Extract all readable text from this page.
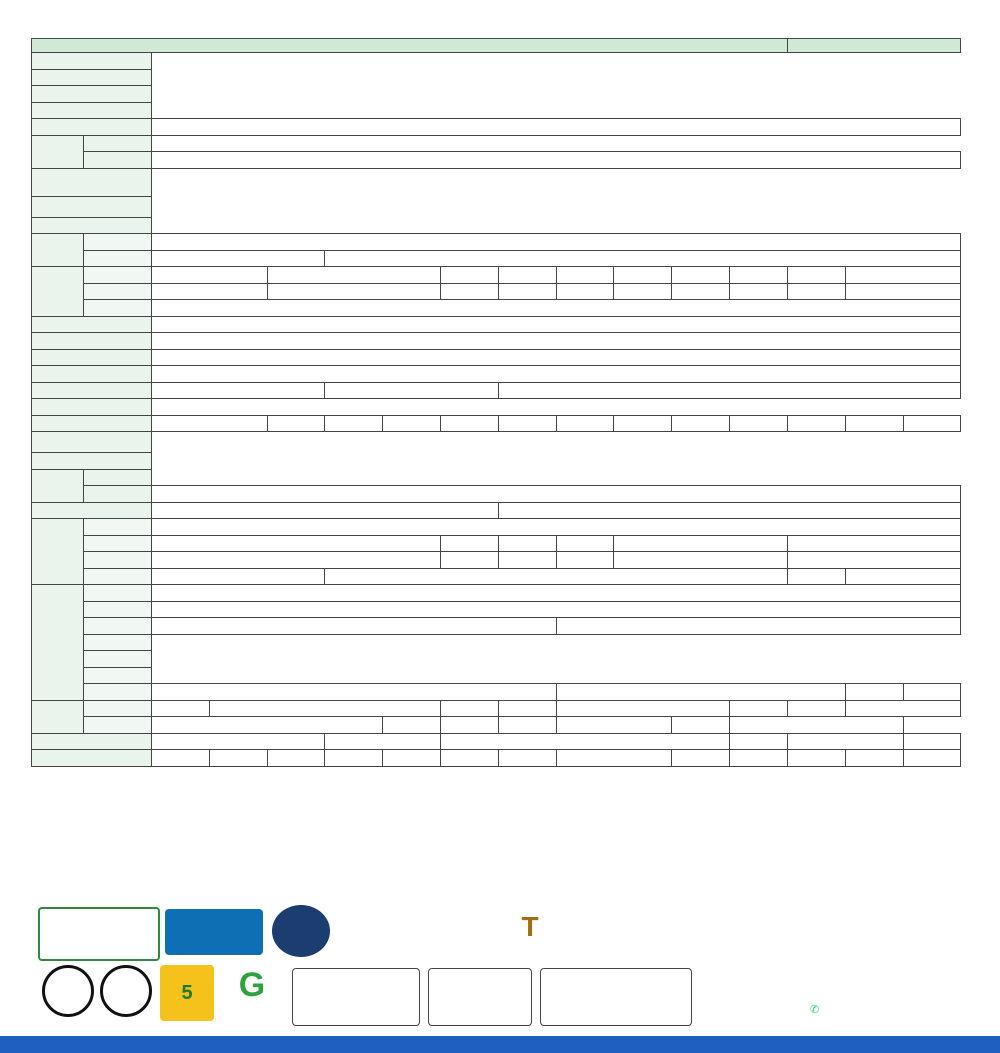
T
5	G
✆
